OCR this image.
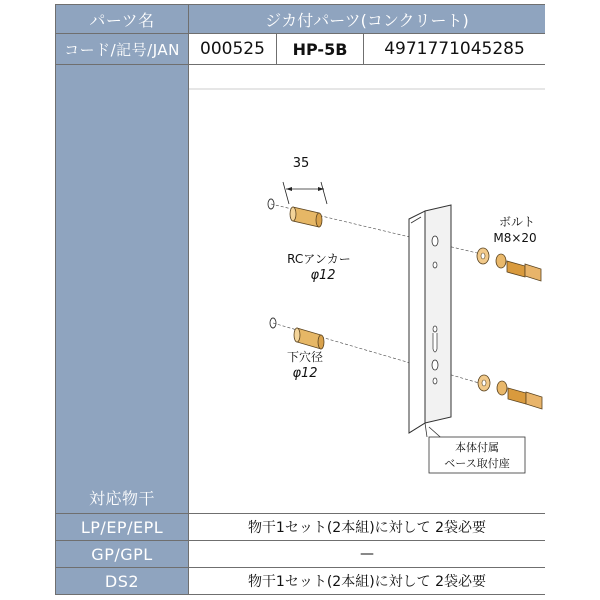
パーツ名	ジカ付パーツ(コンクリート)
コード/記号/JAN	000525	HP-5B	4971771045285
対応物干
35
RCアンカー
φ12
ボルト
M8×20
下穴径
φ12
本体付属
ベース取付座
LP/EP/EPL	物干1セット(2本組)に対して 2袋必要
GP/GPL	—
DS2	物干1セット(2本組)に対して 2袋必要
